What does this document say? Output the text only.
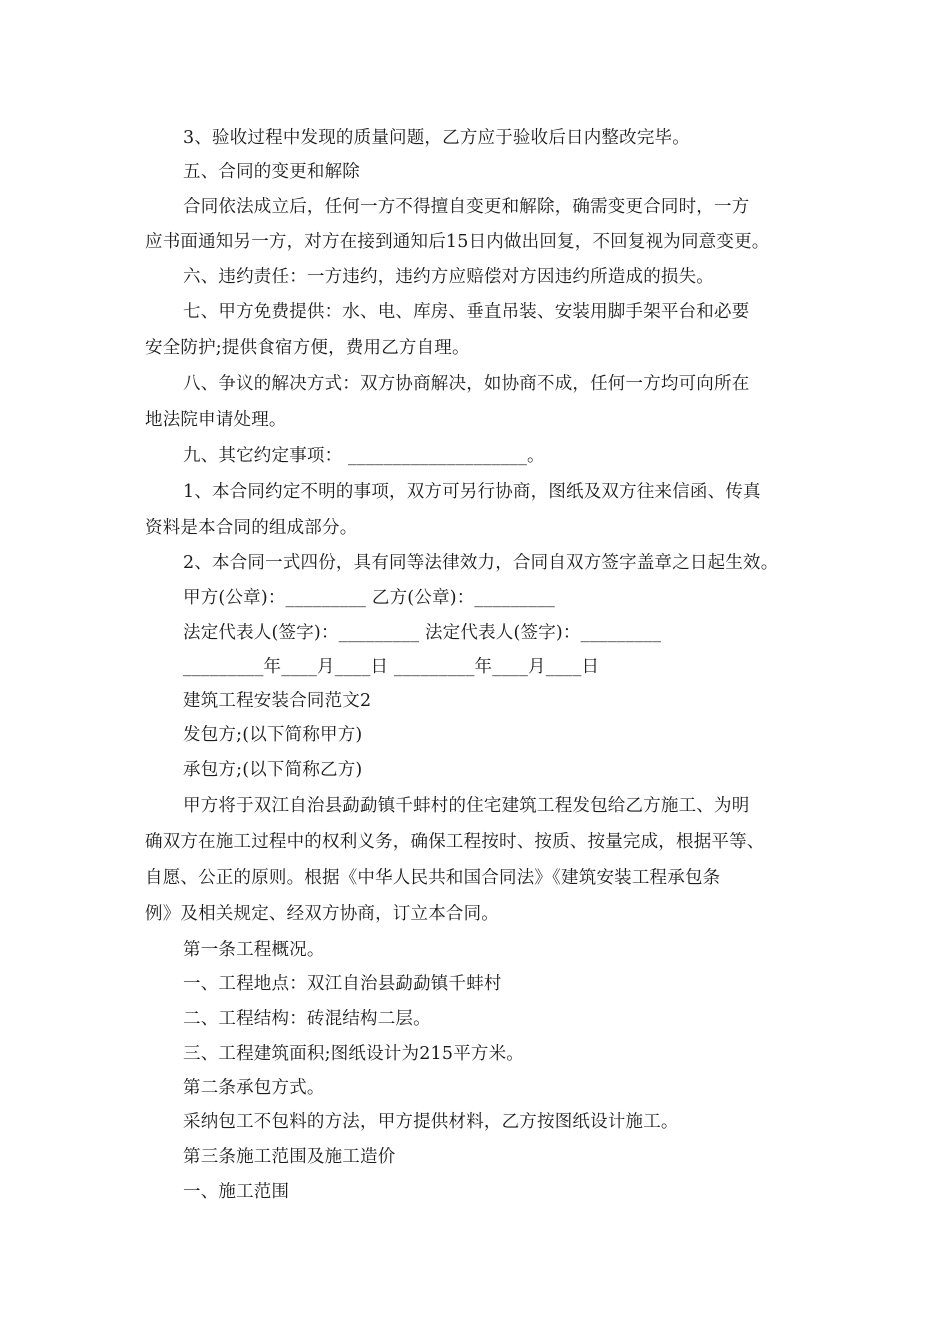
3、验收过程中发现的质量问题，乙方应于验收后日内整改完毕。
五、合同的变更和解除
合同依法成立后，任何一方不得擅自变更和解除，确需变更合同时，一方
应书面通知另一方，对方在接到通知后15日内做出回复，不回复视为同意变更。
六、违约责任：一方违约，违约方应赔偿对方因违约所造成的损失。
七、甲方免费提供：水、电、库房、垂直吊装、安装用脚手架平台和必要
安全防护;提供食宿方便，费用乙方自理。
八、争议的解决方式：双方协商解决，如协商不成，任何一方均可向所在
地法院申请处理。
九、其它约定事项： ____________________。
1、本合同约定不明的事项，双方可另行协商，图纸及双方往来信函、传真
资料是本合同的组成部分。
2、本合同一式四份，具有同等法律效力，合同自双方签字盖章之日起生效。
甲方(公章)：_________ 乙方(公章)：_________
法定代表人(签字)：_________ 法定代表人(签字)：_________
_________年____月____日 _________年____月____日
建筑工程安装合同范文2
发包方;(以下简称甲方)
承包方;(以下简称乙方)
甲方将于双江自治县勐勐镇千蚌村的住宅建筑工程发包给乙方施工、为明
确双方在施工过程中的权利义务，确保工程按时、按质、按量完成，根据平等、
自愿、公正的原则。根据《中华人民共和国合同法》《建筑安装工程承包条
例》及相关规定、经双方协商，订立本合同。
第一条工程概况。
一、工程地点：双江自治县勐勐镇千蚌村
二、工程结构：砖混结构二层。
三、工程建筑面积;图纸设计为215平方米。
第二条承包方式。
采纳包工不包料的方法，甲方提供材料，乙方按图纸设计施工。
第三条施工范围及施工造价
一、施工范围
